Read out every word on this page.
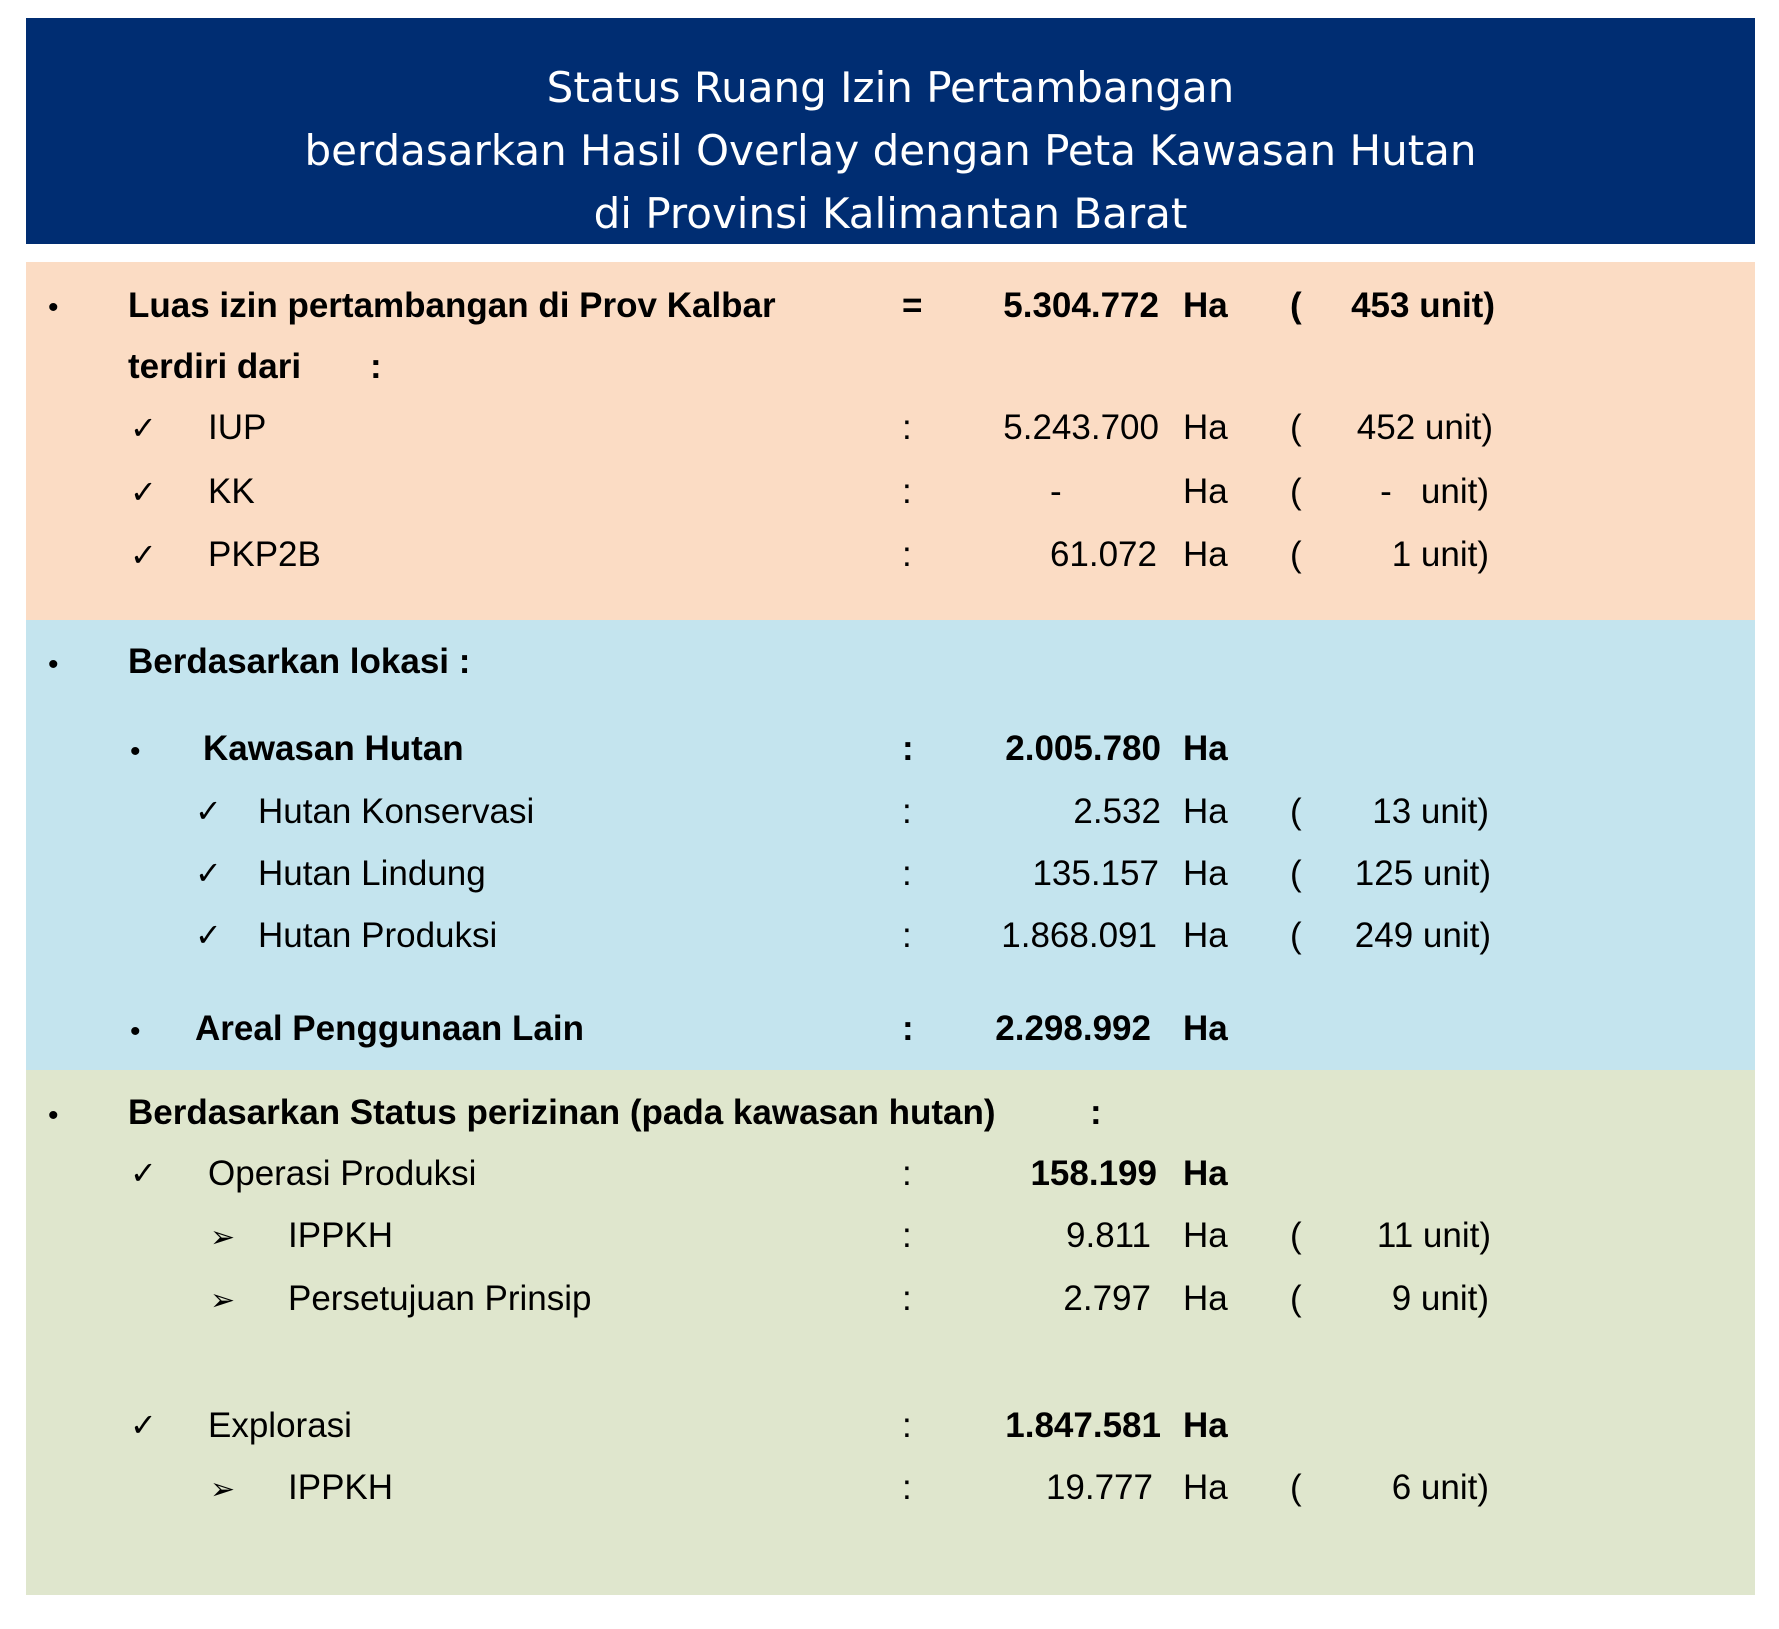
Status Ruang Izin Pertambangan
berdasarkan Hasil Overlay dengan Peta Kawasan Hutan
di Provinsi Kalimantan Barat
• Luas izin pertambangan di Prov Kalbar	= 5.304.772 Ha ( 453 unit)
terdiri dari :
✓ IUP	:	5.243.700 Ha ( 452 unit)
✓ KK	:	-	Ha ( -   unit)
✓ PKP2B	:	61.072 Ha (	1 unit)
• Berdasarkan lokasi :
• Kawasan Hutan	:	2.005.780 Ha
✓ Hutan Konservasi	:	2.532 Ha ( 13 unit)
✓ Hutan Lindung	:	135.157 Ha ( 125 unit)
✓ Hutan Produksi	:	1.868.091 Ha ( 249 unit)
• Areal Penggunaan Lain	: 2.298.992 Ha
• Berdasarkan Status perizinan (pada kawasan hutan)	:
✓ Operasi Produksi	:	158.199 Ha
➢ IPPKH	:	9.811 Ha ( 11 unit)
➢ Persetujuan Prinsip	:	2.797 Ha (	9 unit)
✓ Explorasi	:	1.847.581 Ha
➢ IPPKH	:	19.777 Ha (	6 unit)
